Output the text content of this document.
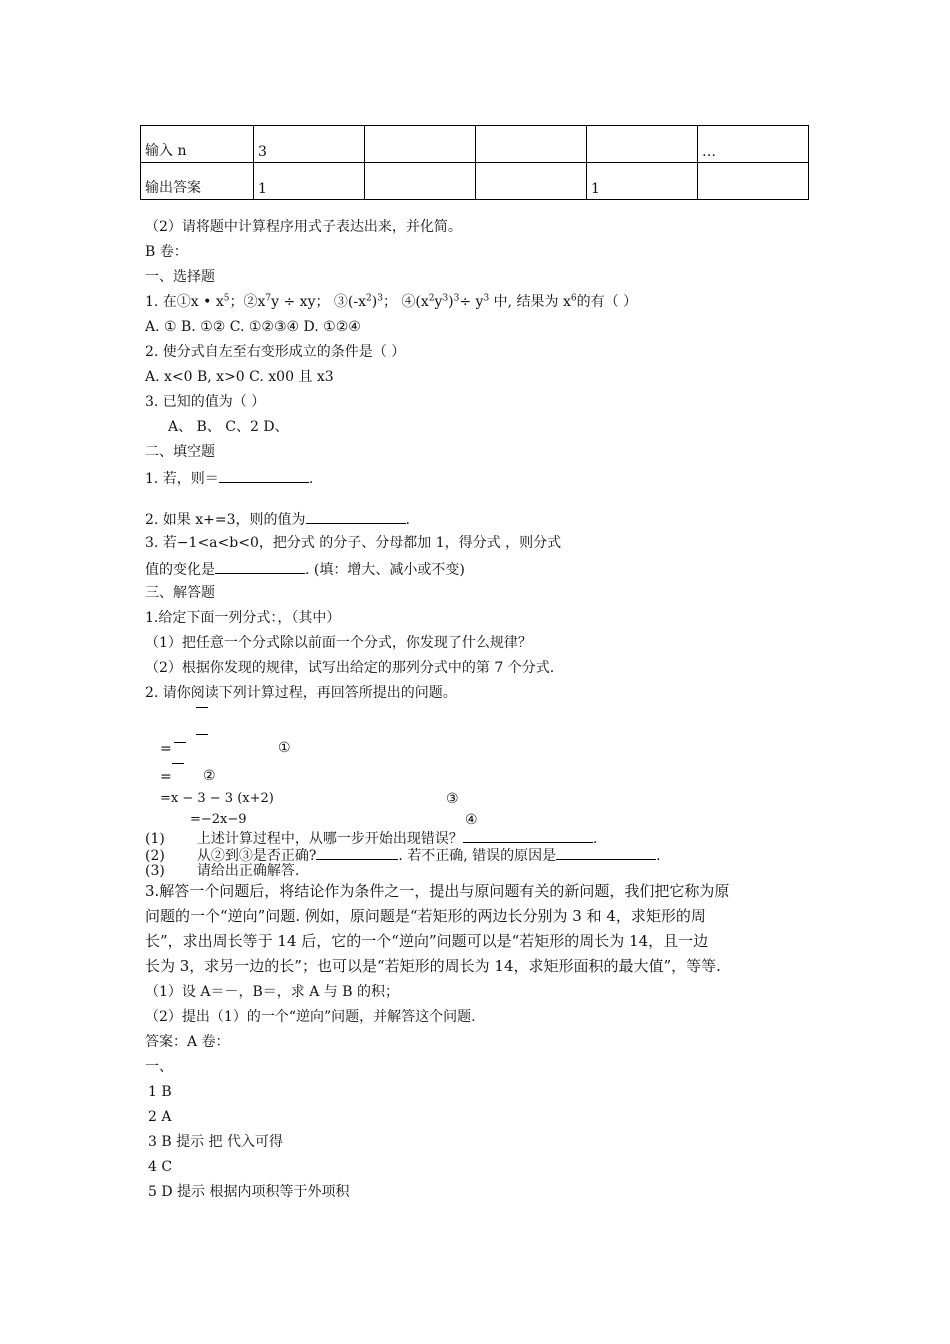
输入 n	3				…
输出答案	1			1	
（2）请将题中计算程序用式子表达出来，并化简。
B 卷：
一、选择题
1. 在①x • $x^5$；$②x^7y$ ÷ xy； $③(-x^2)^3$； $④(x^2y^3)^3\div y^3$ 中, 结果为 $x^6$的有（ ）
A. ① B. ①② C. ①②③④ D. ①②④
2. 使分式自左至右变形成立的条件是（ ）
A. x<0 B, x>0 C. x00 且 x3
3. 已知的值为（ ）
A、 B、 C、2 D、
二、填空题
1. 若，则＝	.
2. 如果 x+=3，则的值为	.
3. 若−1<a<b<0，把分式 的分子、分母都加 1，得分式 ，则分式
值的变化是	. (填：增大、减小或不变)
三、解答题
1.给定下面一列分式：，（其中）
（1）把任意一个分式除以前面一个分式，你发现了什么规律？
（2）根据你发现的规律，试写出给定的那列分式中的第 7 个分式.
2. 请你阅读下列计算过程，再回答所提出的问题。
=	①
= ②
=x − 3 − 3 (x+2)	③
=−2x−9	④
(1) 上述计算过程中，从哪一步开始出现错误？	.
(2) 从②到③是否正确?	. 若不正确, 错误的原因是	.
(3) 请给出正确解答.
3.解答一个问题后，将结论作为条件之一，提出与原问题有关的新问题，我们把它称为原
问题的一个“逆向”问题. 例如，原问题是“若矩形的两边长分别为 3 和 4，求矩形的周
长”，求出周长等于 14 后，它的一个“逆向”问题可以是“若矩形的周长为 14，且一边
长为 3，求另一边的长”；也可以是“若矩形的周长为 14，求矩形面积的最大值”，等等.
（1）设 A＝－，B＝，求 A 与 B 的积；
（2）提出（1）的一个“逆向”问题，并解答这个问题.
答案：A 卷：
一、
1 B
2 A
3 B 提示 把 代入可得
4 C
5 D 提示 根据内项积等于外项积
